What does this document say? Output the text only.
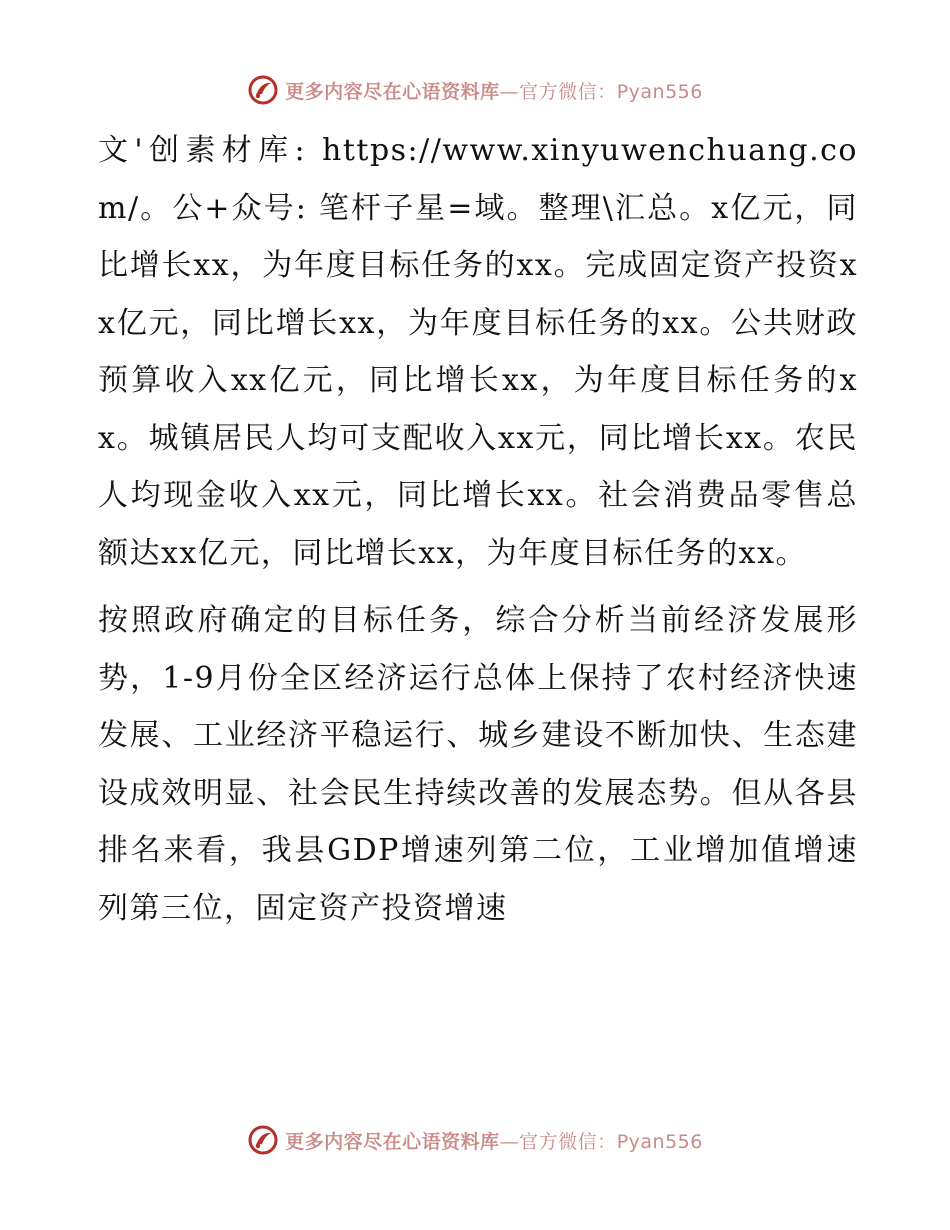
更多内容尽在心语资料库—官方微信：Pyan556

文'创素材库: https://www.xinyuwenchuang.com/。公+众号: 笔杆子星=域。整理\汇总。x亿元，同比增长xx，为年度目标任务的xx。完成固定资产投资xx亿元，同比增长xx，为年度目标任务的xx。公共财政预算收入xx亿元，同比增长xx，为年度目标任务的xx。城镇居民人均可支配收入xx元，同比增长xx。农民人均现金收入xx元，同比增长xx。社会消费品零售总额达xx亿元，同比增长xx，为年度目标任务的xx。

按照政府确定的目标任务，综合分析当前经济发展形势，1-9月份全区经济运行总体上保持了农村经济快速发展、工业经济平稳运行、城乡建设不断加快、生态建设成效明显、社会民生持续改善的发展态势。但从各县排名来看，我县GDP增速列第二位，工业增加值增速列第三位，固定资产投资增速

更多内容尽在心语资料库—官方微信：Pyan556
